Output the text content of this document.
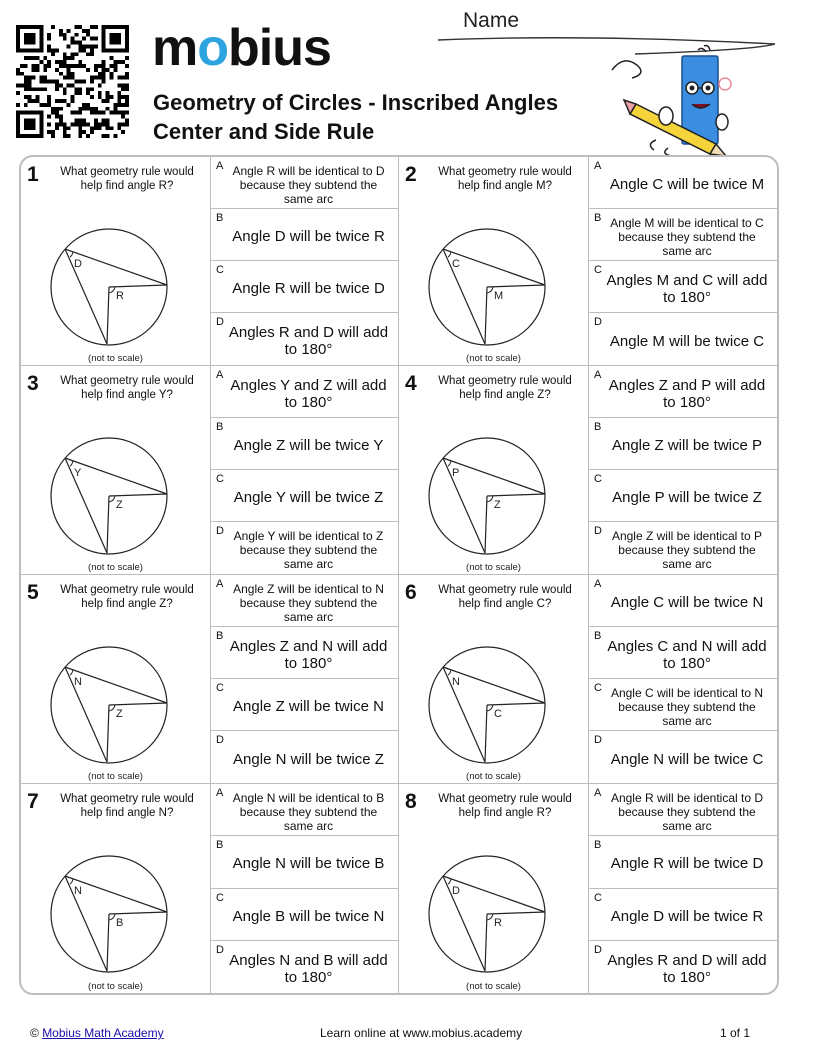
mobius
Geometry of Circles - Inscribed Angles
Center and Side Rule
Name
1 What geometry rule would help find angle R?
D
R
(not to scale)
A Angle R will be identical to D because they subtend the same arc
B
Angle D will be twice R
C
Angle R will be twice D
D
Angles R and D will add to 180°
2 What geometry rule would help find angle M?
C
M
(not to scale)
A
Angle C will be twice M
B Angle M will be identical to C because they subtend the same arc
C
Angles M and C will add to 180°
D
Angle M will be twice C
3 What geometry rule would help find angle Y?
Y
Z
(not to scale)
A
Angles Y and Z will add to 180°
B
Angle Z will be twice Y
C
Angle Y will be twice Z
D Angle Y will be identical to Z because they subtend the same arc
4 What geometry rule would help find angle Z?
P
Z
(not to scale)
A
Angles Z and P will add to 180°
B
Angle Z will be twice P
C
Angle P will be twice Z
D Angle Z will be identical to P because they subtend the same arc
5 What geometry rule would help find angle Z?
N
Z
(not to scale)
A Angle Z will be identical to N because they subtend the same arc
B
Angles Z and N will add to 180°
C
Angle Z will be twice N
D
Angle N will be twice Z
6 What geometry rule would help find angle C?
N
C
(not to scale)
A
Angle C will be twice N
B
Angles C and N will add to 180°
C Angle C will be identical to N because they subtend the same arc
D
Angle N will be twice C
7 What geometry rule would help find angle N?
N
B
(not to scale)
A Angle N will be identical to B because they subtend the same arc
B
Angle N will be twice B
C
Angle B will be twice N
D
Angles N and B will add to 180°
8 What geometry rule would help find angle R?
D
R
(not to scale)
A Angle R will be identical to D because they subtend the same arc
B
Angle R will be twice D
C
Angle D will be twice R
D
Angles R and D will add to 180°
© Mobius Math Academy	Learn online at www.mobius.academy	1 of 1
